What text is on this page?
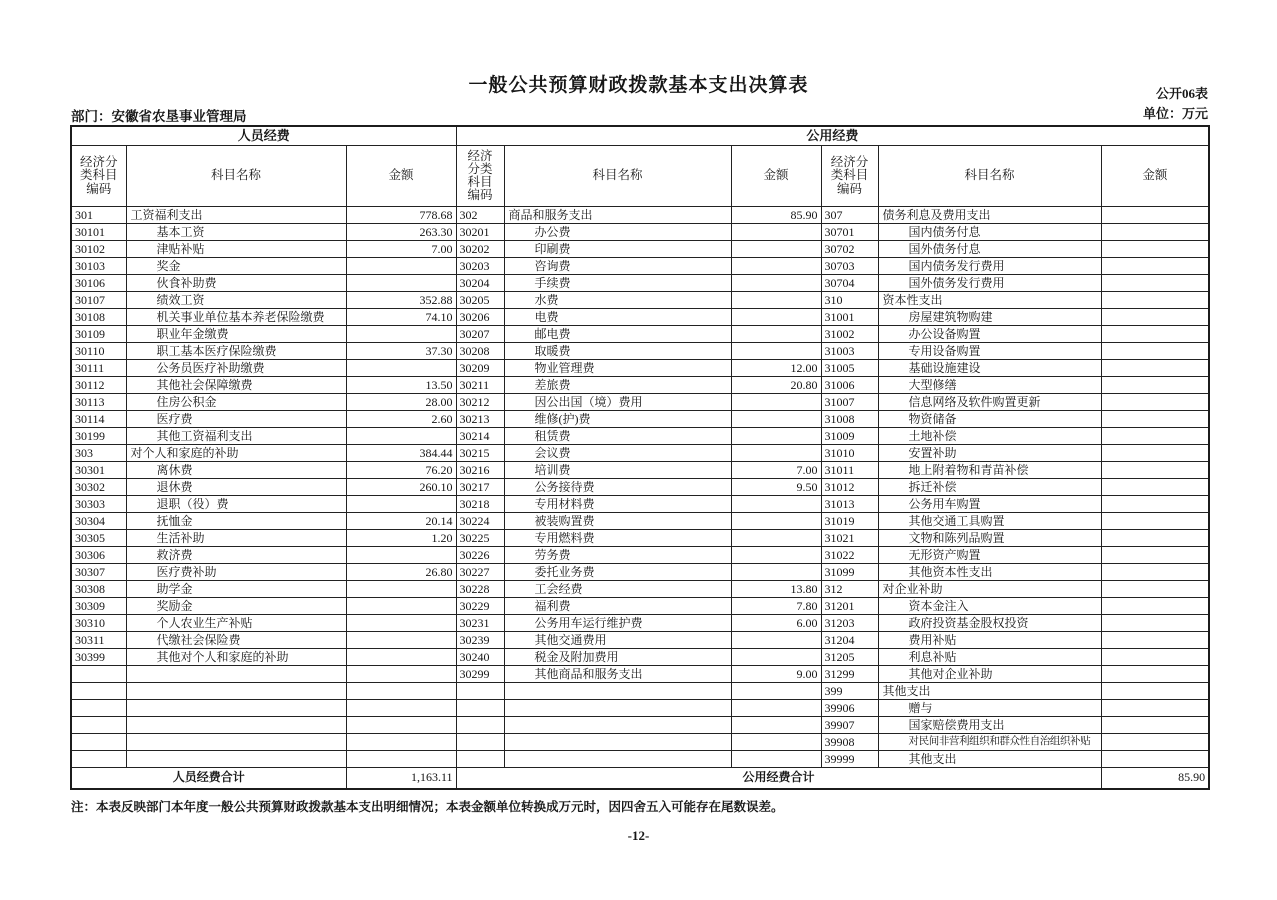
一般公共预算财政拨款基本支出决算表	公开06表
单位：万元
部门：安徽省农垦事业管理局
人员经费			公用经费					
经济分类科目编码	科目名称	金额	经济分类科目编码	科目名称	金额	经济分类科目编码	科目名称	金额
301	工资福利支出	778.68	302	商品和服务支出	85.90	307	债务利息及费用支出	
30101	基本工资	263.30	30201	办公费		30701	国内债务付息	
30102	津贴补贴	7.00	30202	印刷费		30702	国外债务付息	
30103	奖金		30203	咨询费		30703	国内债务发行费用	
30106	伙食补助费		30204	手续费		30704	国外债务发行费用	
30107	绩效工资	352.88	30205	水费		310	资本性支出	
30108	机关事业单位基本养老保险缴费	74.10	30206	电费		31001	房屋建筑物购建	
30109	职业年金缴费		30207	邮电费		31002	办公设备购置	
30110	职工基本医疗保险缴费	37.30	30208	取暖费		31003	专用设备购置	
30111	公务员医疗补助缴费		30209	物业管理费	12.00	31005	基础设施建设	
30112	其他社会保障缴费	13.50	30211	差旅费	20.80	31006	大型修缮	
30113	住房公积金	28.00	30212	因公出国（境）费用		31007	信息网络及软件购置更新	
30114	医疗费	2.60	30213	维修(护)费		31008	物资储备	
30199	其他工资福利支出		30214	租赁费		31009	土地补偿	
303	对个人和家庭的补助	384.44	30215	会议费		31010	安置补助	
30301	离休费	76.20	30216	培训费	7.00	31011	地上附着物和青苗补偿	
30302	退休费	260.10	30217	公务接待费	9.50	31012	拆迁补偿	
30303	退职（役）费		30218	专用材料费		31013	公务用车购置	
30304	抚恤金	20.14	30224	被装购置费		31019	其他交通工具购置	
30305	生活补助	1.20	30225	专用燃料费		31021	文物和陈列品购置	
30306	救济费		30226	劳务费		31022	无形资产购置	
30307	医疗费补助	26.80	30227	委托业务费		31099	其他资本性支出	
30308	助学金		30228	工会经费	13.80	312	对企业补助	
30309	奖励金		30229	福利费	7.80	31201	资本金注入	
30310	个人农业生产补贴		30231	公务用车运行维护费	6.00	31203	政府投资基金股权投资	
30311	代缴社会保险费		30239	其他交通费用		31204	费用补贴	
30399	其他对个人和家庭的补助		30240	税金及附加费用		31205	利息补贴	
			30299	其他商品和服务支出	9.00	31299	其他对企业补助	
						399	其他支出	
						39906	赠与	
						39907	国家赔偿费用支出	
						39908	对民间非营利组织和群众性自治组织补贴	
						39999	其他支出	
人员经费合计		1,163.11	公用经费合计					85.90
注：本表反映部门本年度一般公共预算财政拨款基本支出明细情况；本表金额单位转换成万元时，因四舍五入可能存在尾数误差。
-12-
